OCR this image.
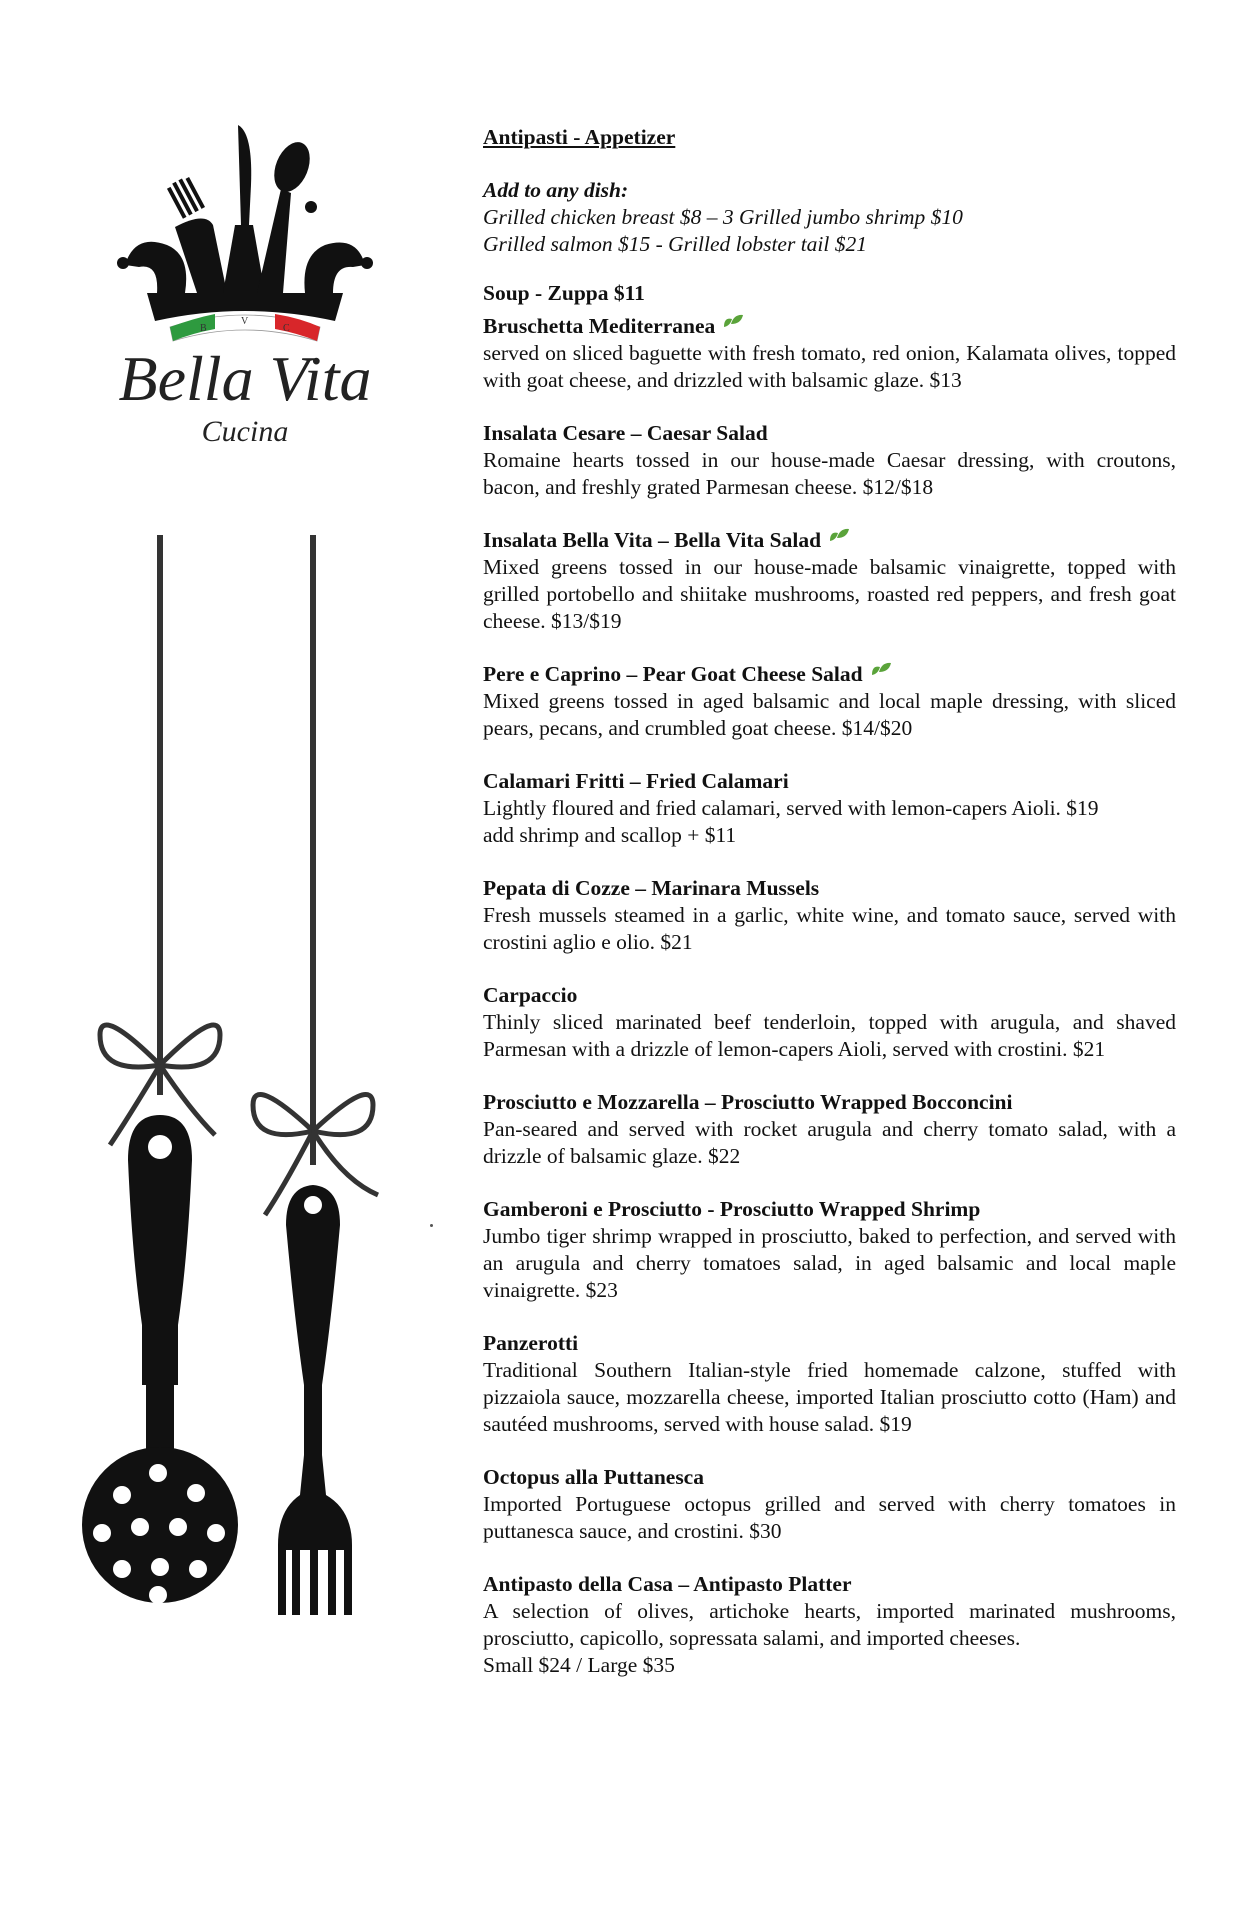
B
V
C
Bella Vita
Cucina
Antipasti - Appetizer
Add to any dish:
Grilled chicken breast $8 – 3 Grilled jumbo shrimp $10
Grilled salmon $15 - Grilled lobster tail $21
Soup - Zuppa $11
Bruschetta Mediterranea
served on sliced baguette with fresh tomato, red onion, Kalamata olives, topped with goat cheese, and drizzled with balsamic glaze. $13
Insalata Cesare – Caesar Salad
Romaine hearts tossed in our house-made Caesar dressing, with croutons, bacon, and freshly grated Parmesan cheese. $12/$18
Insalata Bella Vita – Bella Vita Salad
Mixed greens tossed in our house-made balsamic vinaigrette, topped with grilled portobello and shiitake mushrooms, roasted red peppers, and fresh goat cheese. $13/$19
Pere e Caprino – Pear Goat Cheese Salad
Mixed greens tossed in aged balsamic and local maple dressing, with sliced pears, pecans, and crumbled goat cheese. $14/$20
Calamari Fritti – Fried Calamari
Lightly floured and fried calamari, served with lemon-capers Aioli. $19
add shrimp and scallop + $11
Pepata di Cozze – Marinara Mussels
Fresh mussels steamed in a garlic, white wine, and tomato sauce, served with crostini aglio e olio. $21
Carpaccio
Thinly sliced marinated beef tenderloin, topped with arugula, and shaved Parmesan with a drizzle of lemon-capers Aioli, served with crostini. $21
Prosciutto e Mozzarella – Prosciutto Wrapped Bocconcini
Pan-seared and served with rocket arugula and cherry tomato salad, with a drizzle of balsamic glaze. $22
Gamberoni e Prosciutto - Prosciutto Wrapped Shrimp
Jumbo tiger shrimp wrapped in prosciutto, baked to perfection, and served with an arugula and cherry tomatoes salad, in aged balsamic and local maple vinaigrette. $23
Panzerotti
Traditional Southern Italian-style fried homemade calzone, stuffed with pizzaiola sauce, mozzarella cheese, imported Italian prosciutto cotto (Ham) and sautéed mushrooms, served with house salad. $19
Octopus alla Puttanesca
Imported Portuguese octopus grilled and served with cherry tomatoes in puttanesca sauce, and crostini. $30
Antipasto della Casa – Antipasto Platter
A selection of olives, artichoke hearts, imported marinated mushrooms, prosciutto, capicollo, sopressata salami, and imported cheeses.
Small $24 / Large $35
